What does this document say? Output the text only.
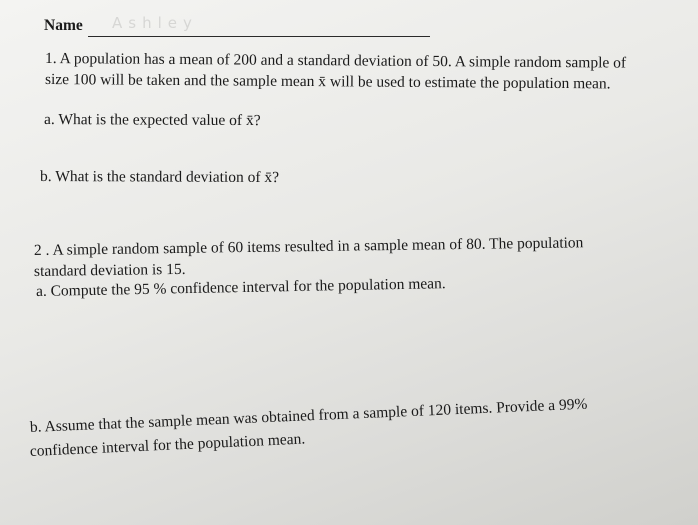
Name Ashley
1. A population has a mean of 200 and a standard deviation of 50. A simple random sample of
size 100 will be taken and the sample mean x̄ will be used to estimate the population mean.
a. What is the expected value of x̄?
b. What is the standard deviation of x̄?
2 . A simple random sample of 60 items resulted in a sample mean of 80. The population
standard deviation is 15.
a. Compute the 95 % confidence interval for the population mean.
b. Assume that the sample mean was obtained from a sample of 120 items. Provide a 99%
confidence interval for the population mean.
